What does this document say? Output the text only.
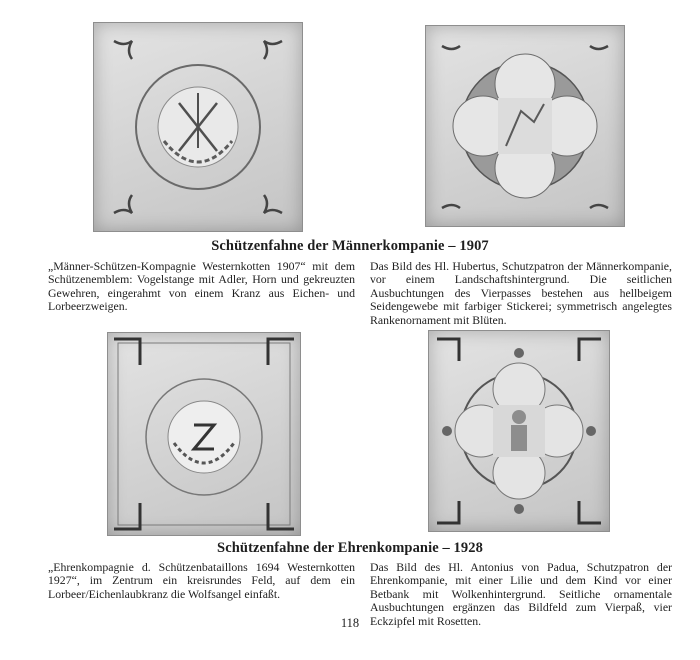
Schützenfahne der Männerkompanie – 1907

„Männer-Schützen-Kompagnie Westernkotten 1907“ mit dem Schützenemblem: Vogelstange mit Adler, Horn und gekreuzten Gewehren, eingerahmt von einem Kranz aus Eichen- und Lorbeerzweigen.

Das Bild des Hl. Hubertus, Schutzpatron der Männerkompanie, vor einem Landschaftshintergrund. Die seitlichen Ausbuchtungen des Vierpasses bestehen aus hellbeigem Seidengewebe mit farbiger Stickerei; symmetrisch angelegtes Rankenornament mit Blüten.

Schützenfahne der Ehrenkompanie – 1928

„Ehrenkompagnie d. Schützenbataillons 1694 Westernkotten 1927“, im Zentrum ein kreisrundes Feld, auf dem ein Lorbeer/Eichenlaubkranz die Wolfsangel einfaßt.

Das Bild des Hl. Antonius von Padua, Schutzpatron der Ehrenkompanie, mit einer Lilie und dem Kind vor einer Betbank mit Wolkenhintergrund. Seitliche ornamentale Ausbuchtungen ergänzen das Bildfeld zum Vierpaß, vier Eckzipfel mit Rosetten.

118
